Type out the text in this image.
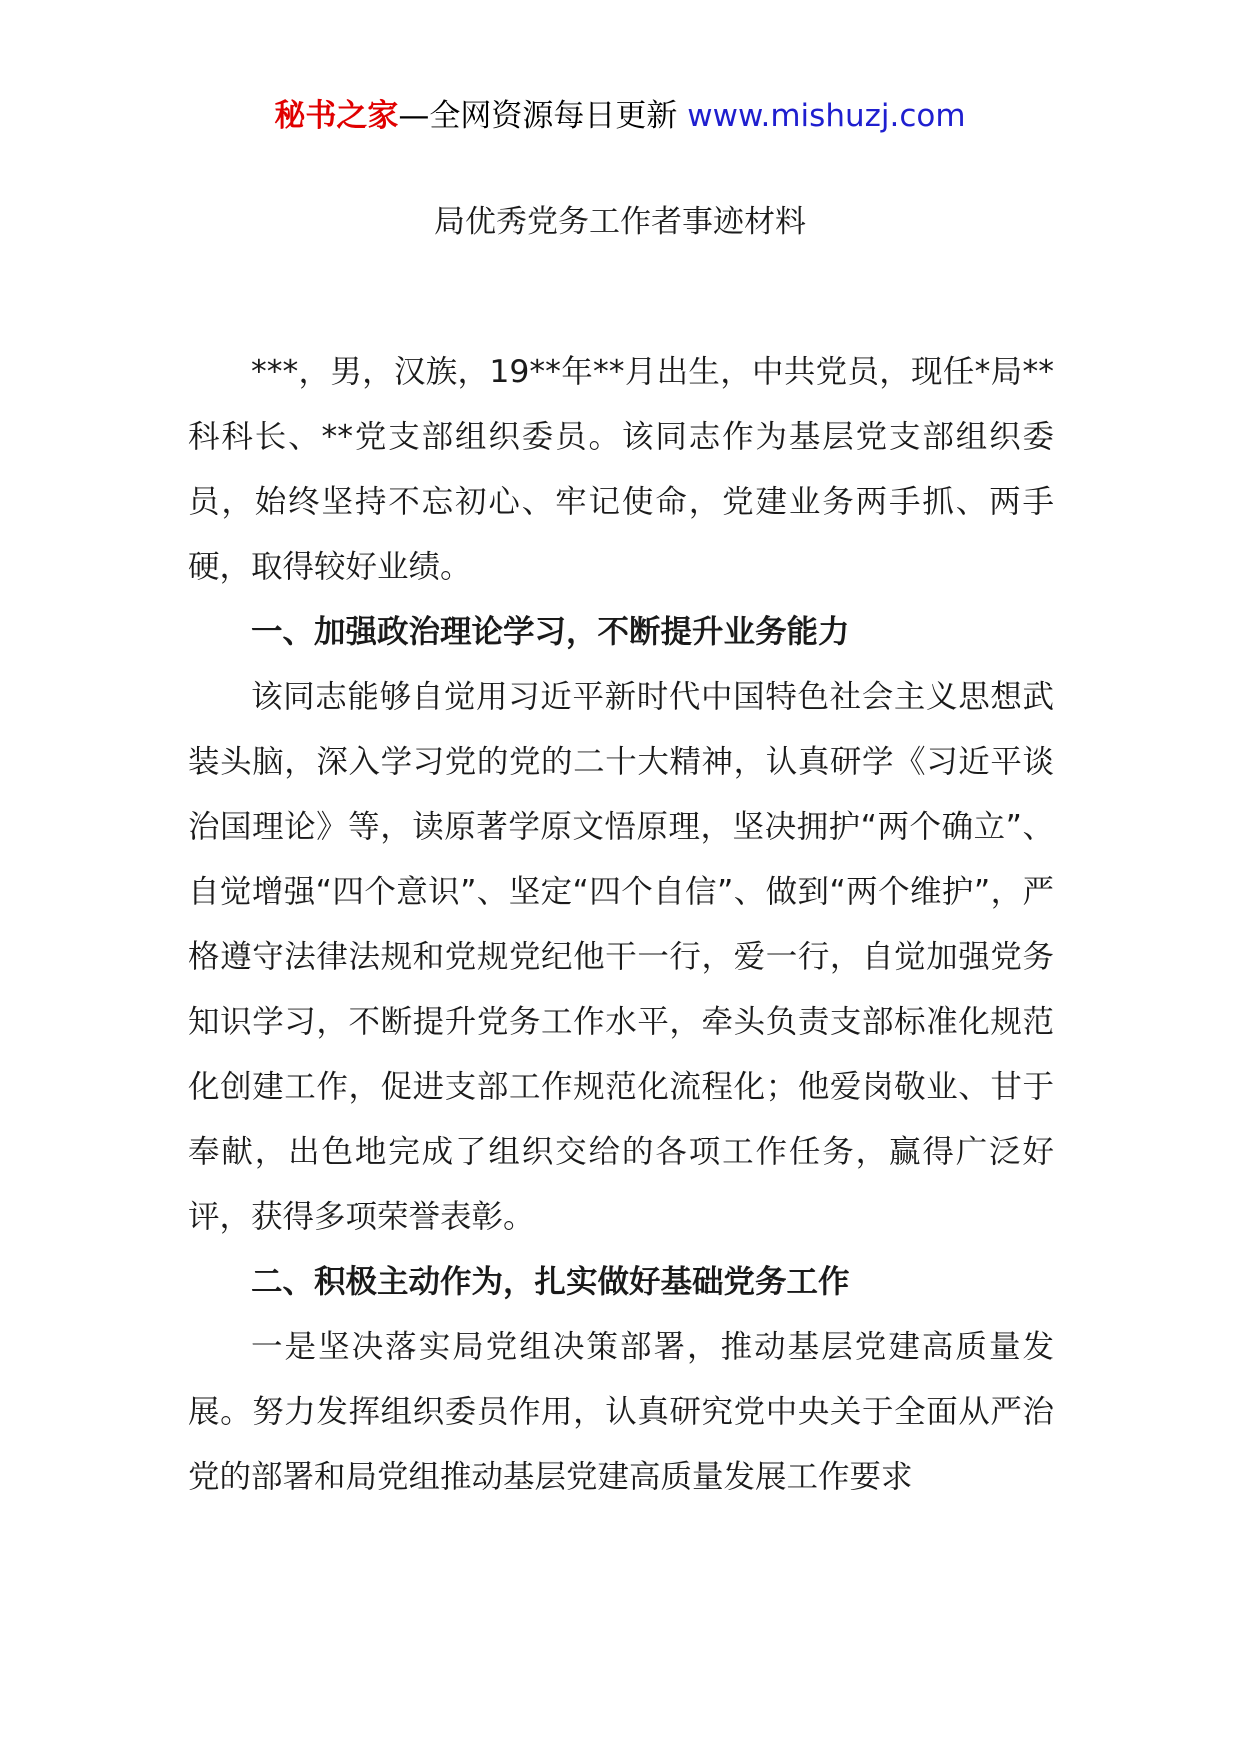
秘书之家—全网资源每日更新 www.mishuzj.com
局优秀党务工作者事迹材料

***，男，汉族，19**年**月出生，中共党员，现任*局**科科长、**党支部组织委员。该同志作为基层党支部组织委员，始终坚持不忘初心、牢记使命，党建业务两手抓、两手硬，取得较好业绩。

一、加强政治理论学习，不断提升业务能力

该同志能够自觉用习近平新时代中国特色社会主义思想武装头脑，深入学习党的党的二十大精神，认真研学《习近平谈治国理论》等，读原著学原文悟原理，坚决拥护“两个确立”、自觉增强“四个意识”、坚定“四个自信”、做到“两个维护”，严格遵守法律法规和党规党纪他干一行，爱一行，自觉加强党务知识学习，不断提升党务工作水平，牵头负责支部标准化规范化创建工作，促进支部工作规范化流程化；他爱岗敬业、甘于奉献，出色地完成了组织交给的各项工作任务，赢得广泛好评，获得多项荣誉表彰。

二、积极主动作为，扎实做好基础党务工作

一是坚决落实局党组决策部署，推动基层党建高质量发展。努力发挥组织委员作用，认真研究党中央关于全面从严治党的部署和局党组推动基层党建高质量发展工作要求
